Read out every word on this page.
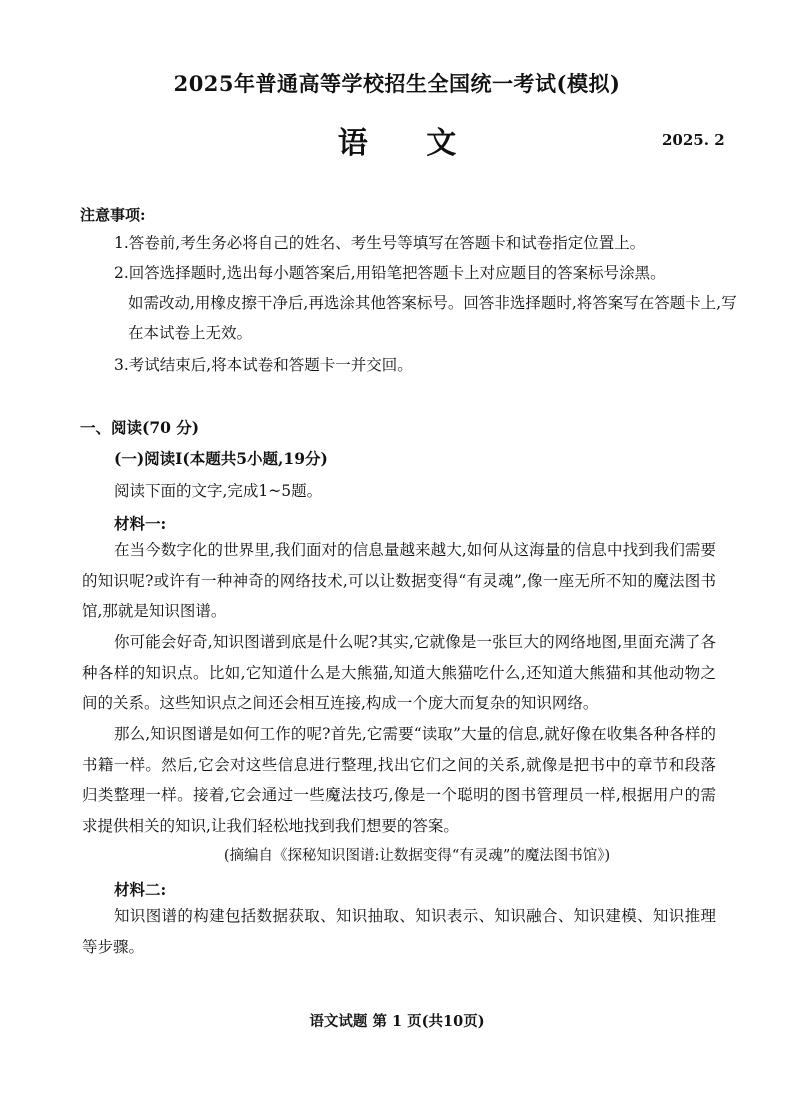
2025年普通高等学校招生全国统一考试(模拟)
语 文	2025. 2
注意事项:
1.答卷前,考生务必将自己的姓名、考生号等填写在答题卡和试卷指定位置上。
2.回答选择题时,选出每小题答案后,用铅笔把答题卡上对应题目的答案标号涂黑。
如需改动,用橡皮擦干净后,再选涂其他答案标号。回答非选择题时,将答案写在答题卡上,写在本试卷上无效。
3.考试结束后,将本试卷和答题卡一并交回。
一、阅读(70 分)
(一)阅读Ⅰ(本题共5小题,19分)
阅读下面的文字,完成1~5题。
材料一:
在当今数字化的世界里,我们面对的信息量越来越大,如何从这海量的信息中找到我们需要的知识呢?或许有一种神奇的网络技术,可以让数据变得“有灵魂”,像一座无所不知的魔法图书馆,那就是知识图谱。
你可能会好奇,知识图谱到底是什么呢?其实,它就像是一张巨大的网络地图,里面充满了各种各样的知识点。比如,它知道什么是大熊猫,知道大熊猫吃什么,还知道大熊猫和其他动物之间的关系。这些知识点之间还会相互连接,构成一个庞大而复杂的知识网络。
那么,知识图谱是如何工作的呢?首先,它需要“读取”大量的信息,就好像在收集各种各样的书籍一样。然后,它会对这些信息进行整理,找出它们之间的关系,就像是把书中的章节和段落归类整理一样。接着,它会通过一些魔法技巧,像是一个聪明的图书管理员一样,根据用户的需求提供相关的知识,让我们轻松地找到我们想要的答案。
(摘编自《探秘知识图谱:让数据变得“有灵魂”的魔法图书馆》)
材料二:
知识图谱的构建包括数据获取、知识抽取、知识表示、知识融合、知识建模、知识推理等步骤。
语文试题 第 1 页(共10页)
